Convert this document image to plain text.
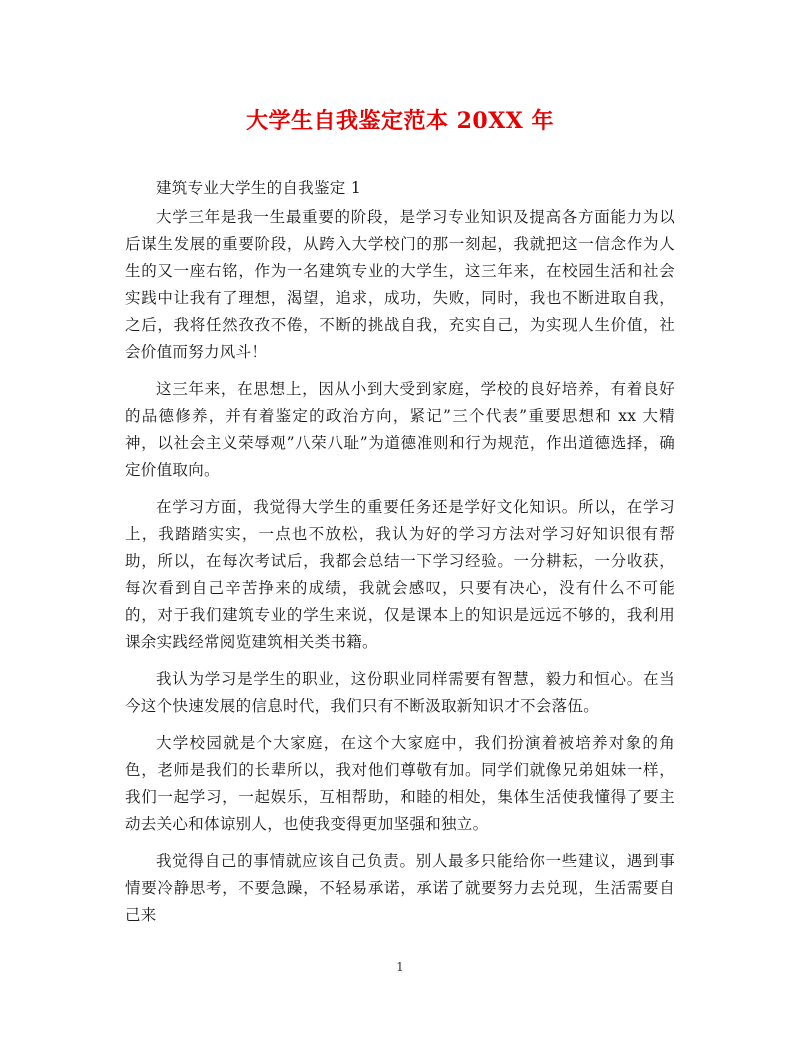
大学生自我鉴定范本 20XX 年

建筑专业大学生的自我鉴定 1

大学三年是我一生最重要的阶段，是学习专业知识及提高各方面能力为以后谋生发展的重要阶段，从跨入大学校门的那一刻起，我就把这一信念作为人生的又一座右铭，作为一名建筑专业的大学生，这三年来，在校园生活和社会实践中让我有了理想，渴望，追求，成功，失败，同时，我也不断进取自我，之后，我将任然孜孜不倦，不断的挑战自我，充实自己，为实现人生价值，社会价值而努力风斗！

这三年来，在思想上，因从小到大受到家庭，学校的良好培养，有着良好的品德修养，并有着鉴定的政治方向，紧记”三个代表”重要思想和 xx 大精神，以社会主义荣辱观”八荣八耻”为道德准则和行为规范，作出道德选择，确定价值取向。

在学习方面，我觉得大学生的重要任务还是学好文化知识。所以，在学习上，我踏踏实实，一点也不放松，我认为好的学习方法对学习好知识很有帮助，所以，在每次考试后，我都会总结一下学习经验。一分耕耘，一分收获，每次看到自己辛苦挣来的成绩，我就会感叹，只要有决心，没有什么不可能的，对于我们建筑专业的学生来说，仅是课本上的知识是远远不够的，我利用课余实践经常阅览建筑相关类书籍。

我认为学习是学生的职业，这份职业同样需要有智慧，毅力和恒心。在当今这个快速发展的信息时代，我们只有不断汲取新知识才不会落伍。

大学校园就是个大家庭，在这个大家庭中，我们扮演着被培养对象的角色，老师是我们的长辈所以，我对他们尊敬有加。同学们就像兄弟姐妹一样，我们一起学习，一起娱乐，互相帮助，和睦的相处，集体生活使我懂得了要主动去关心和体谅别人，也使我变得更加坚强和独立。

我觉得自己的事情就应该自己负责。别人最多只能给你一些建议，遇到事情要冷静思考，不要急躁，不轻易承诺，承诺了就要努力去兑现，生活需要自己来

1
